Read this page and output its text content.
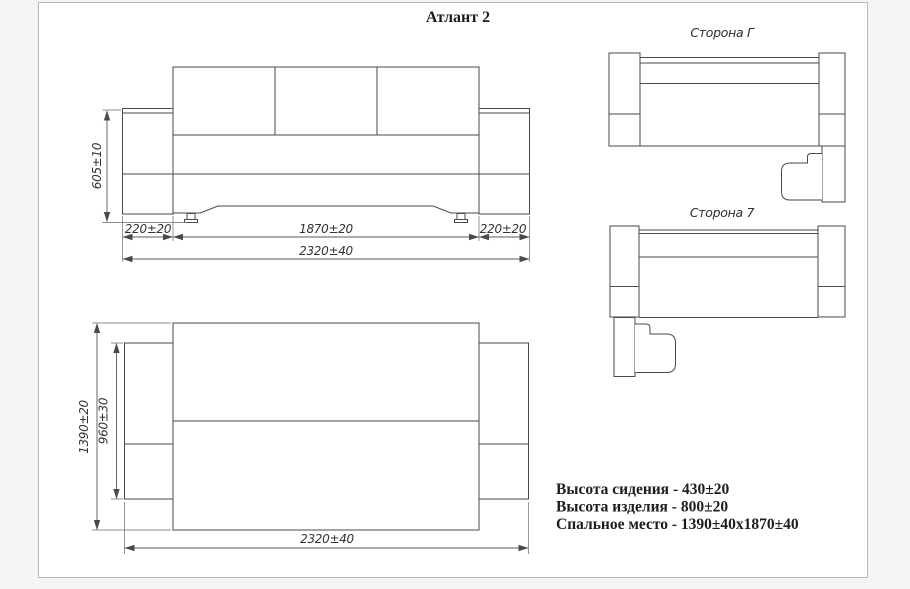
Атлант 2
605±10
220±20	1870±20	220±20
2320±40
1390±20 960±30
2320±40
Сторона Г
Сторона 7
Высота сидения - 430±20
Высота изделия - 800±20
Спальное место - 1390±40x1870±40
